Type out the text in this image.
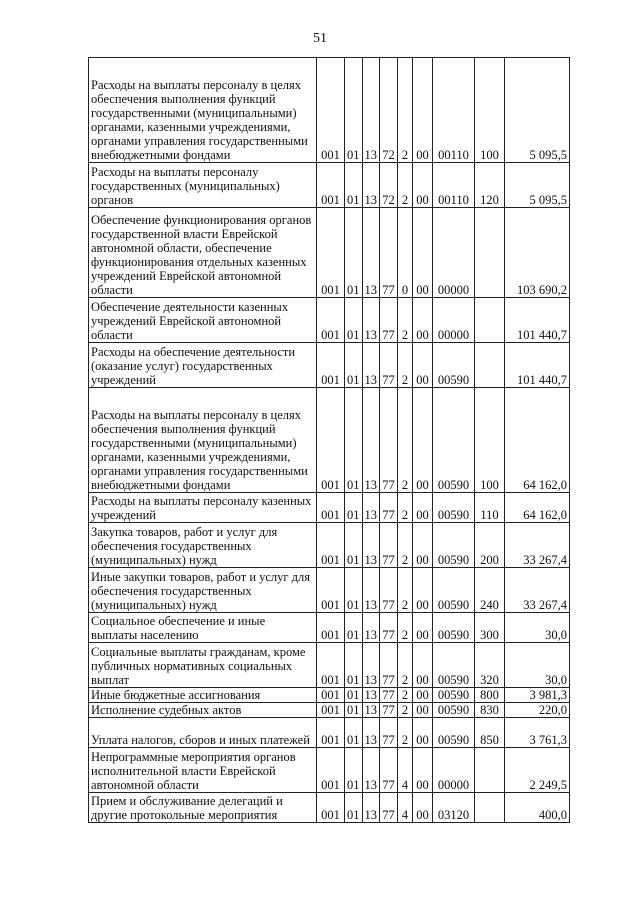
51
Расходы на выплаты персоналу в целях обеспечения выполнения функций государственными (муниципальными) органами, казенными учреждениями, органами управления государственными внебюджетными фондами	001	01	13	72	2	00	00110	100	5 095,5
Расходы на выплаты персоналу государственных (муниципальных) органов	001	01	13	72	2	00	00110	120	5 095,5
Обеспечение функционирования органов государственной власти Еврейской автономной области, обеспечение функционирования отдельных казенных учреждений Еврейской автономной области	001	01	13	77	0	00	00000		103 690,2
Обеспечение деятельности казенных учреждений Еврейской автономной области	001	01	13	77	2	00	00000		101 440,7
Расходы на обеспечение деятельности (оказание услуг) государственных учреждений	001	01	13	77	2	00	00590		101 440,7
Расходы на выплаты персоналу в целях обеспечения выполнения функций государственными (муниципальными) органами, казенными учреждениями, органами управления государственными внебюджетными фондами	001	01	13	77	2	00	00590	100	64 162,0
Расходы на выплаты персоналу казенных учреждений	001	01	13	77	2	00	00590	110	64 162,0
Закупка товаров, работ и услуг для обеспечения государственных (муниципальных) нужд	001	01	13	77	2	00	00590	200	33 267,4
Иные закупки товаров, работ и услуг для обеспечения государственных (муниципальных) нужд	001	01	13	77	2	00	00590	240	33 267,4
Социальное обеспечение и иные выплаты населению	001	01	13	77	2	00	00590	300	30,0
Социальные выплаты гражданам, кроме публичных нормативных социальных выплат	001	01	13	77	2	00	00590	320	30,0
Иные бюджетные ассигнования	001	01	13	77	2	00	00590	800	3 981,3
Исполнение судебных актов	001	01	13	77	2	00	00590	830	220,0
Уплата налогов, сборов и иных платежей	001	01	13	77	2	00	00590	850	3 761,3
Непрограммные мероприятия органов исполнительной власти Еврейской автономной области	001	01	13	77	4	00	00000		2 249,5
Прием и обслуживание делегаций и другие протокольные мероприятия	001	01	13	77	4	00	03120		400,0
